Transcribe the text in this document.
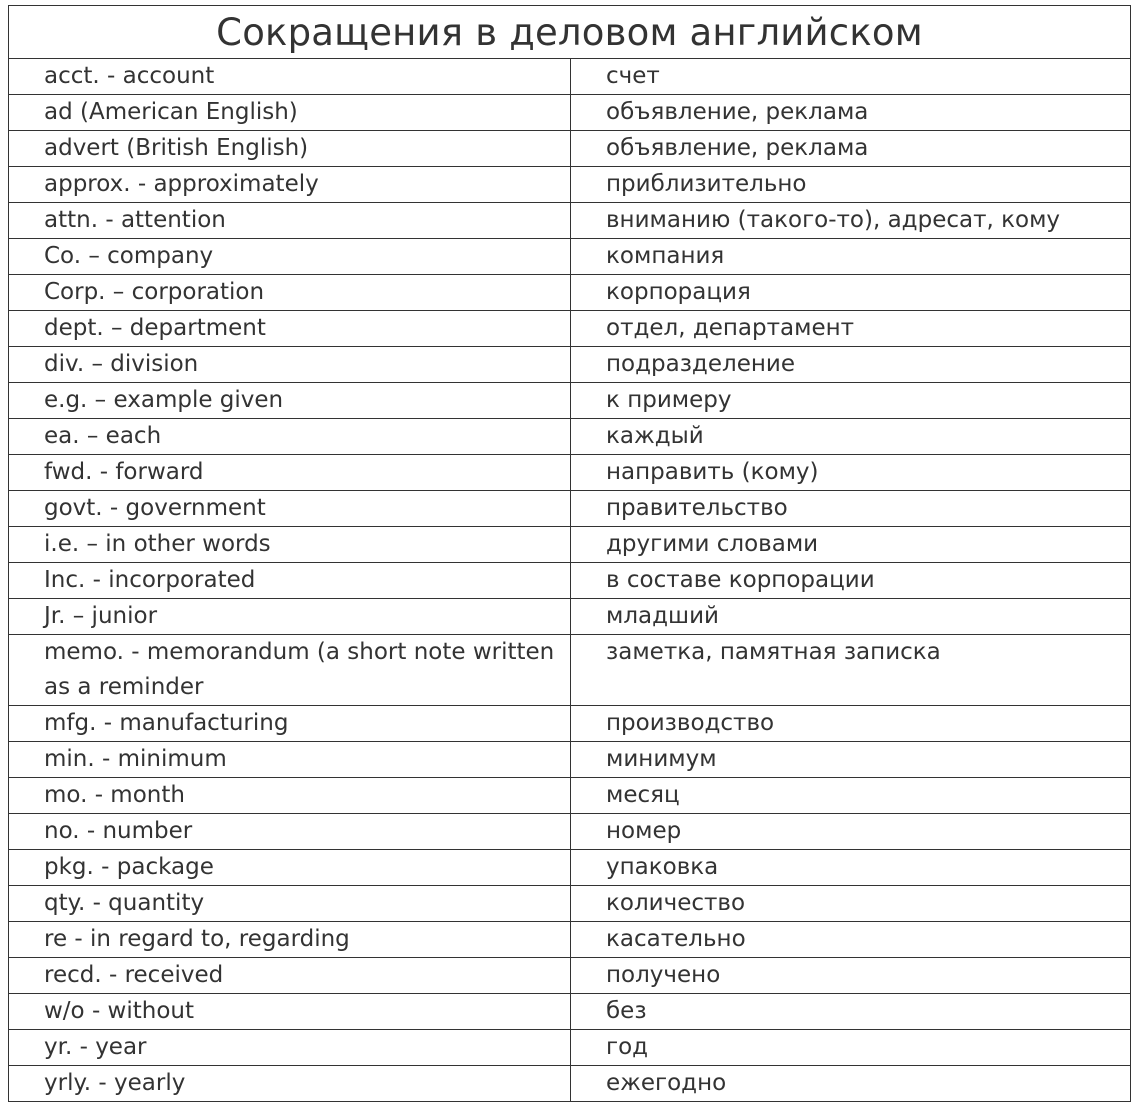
Сокращения в деловом английском
acct. - account	счет
ad (American English)	объявление, реклама
advert (British English)	объявление, реклама
approx. - approximately	приблизительно
attn. - attention	вниманию (такого-то), адресат, кому
Co. – company	компания
Corp. – corporation	корпорация
dept. – department	отдел, департамент
div. – division	подразделение
e.g. – example given	к примеру
ea. – each	каждый
fwd. - forward	направить (кому)
govt. - government	правительство
i.e. – in other words	другими словами
Inc. - incorporated	в составе корпорации
Jr. – junior	младший
memo. - memorandum (a short note written as a reminder	заметка, памятная записка
mfg. - manufacturing	производство
min. - minimum	минимум
mo. - month	месяц
no. - number	номер
pkg. - package	упаковка
qty. - quantity	количество
re - in regard to, regarding	касательно
recd. - received	получено
w/o - without	без
yr. - year	год
yrly. - yearly	ежегодно
